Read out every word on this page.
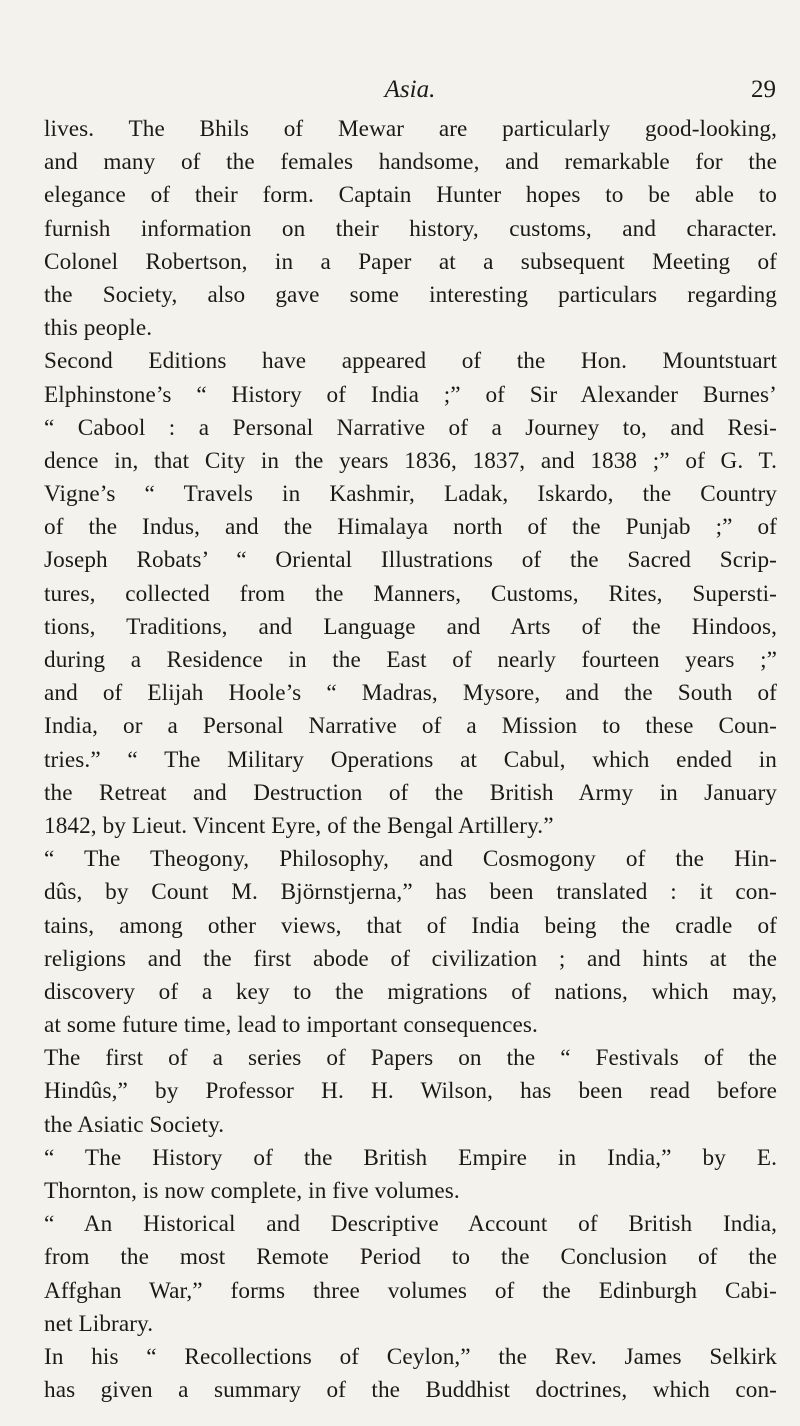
Asia.	29
lives. The Bhils of Mewar are particularly good-looking,
and many of the females handsome, and remarkable for the
elegance of their form. Captain Hunter hopes to be able to
furnish information on their history, customs, and character.
Colonel Robertson, in a Paper at a subsequent Meeting of
the Society, also gave some interesting particulars regarding
this people.
Second Editions have appeared of the Hon. Mountstuart
Elphinstone’s “ History of India ;” of Sir Alexander Burnes’
“ Cabool : a Personal Narrative of a Journey to, and Resi-
dence in, that City in the years 1836, 1837, and 1838 ;” of G. T.
Vigne’s “ Travels in Kashmir, Ladak, Iskardo, the Country
of the Indus, and the Himalaya north of the Punjab ;” of
Joseph Robats’ “ Oriental Illustrations of the Sacred Scrip-
tures, collected from the Manners, Customs, Rites, Supersti-
tions, Traditions, and Language and Arts of the Hindoos,
during a Residence in the East of nearly fourteen years ;”
and of Elijah Hoole’s “ Madras, Mysore, and the South of
India, or a Personal Narrative of a Mission to these Coun-
tries.” “ The Military Operations at Cabul, which ended in
the Retreat and Destruction of the British Army in January
1842, by Lieut. Vincent Eyre, of the Bengal Artillery.”
“ The Theogony, Philosophy, and Cosmogony of the Hin-
dûs, by Count M. Björnstjerna,” has been translated : it con-
tains, among other views, that of India being the cradle of
religions and the first abode of civilization ; and hints at the
discovery of a key to the migrations of nations, which may,
at some future time, lead to important consequences.
The first of a series of Papers on the “ Festivals of the
Hindûs,” by Professor H. H. Wilson, has been read before
the Asiatic Society.
“ The History of the British Empire in India,” by E.
Thornton, is now complete, in five volumes.
“ An Historical and Descriptive Account of British India,
from the most Remote Period to the Conclusion of the
Affghan War,” forms three volumes of the Edinburgh Cabi-
net Library.
In his “ Recollections of Ceylon,” the Rev. James Selkirk
has given a summary of the Buddhist doctrines, which con-
